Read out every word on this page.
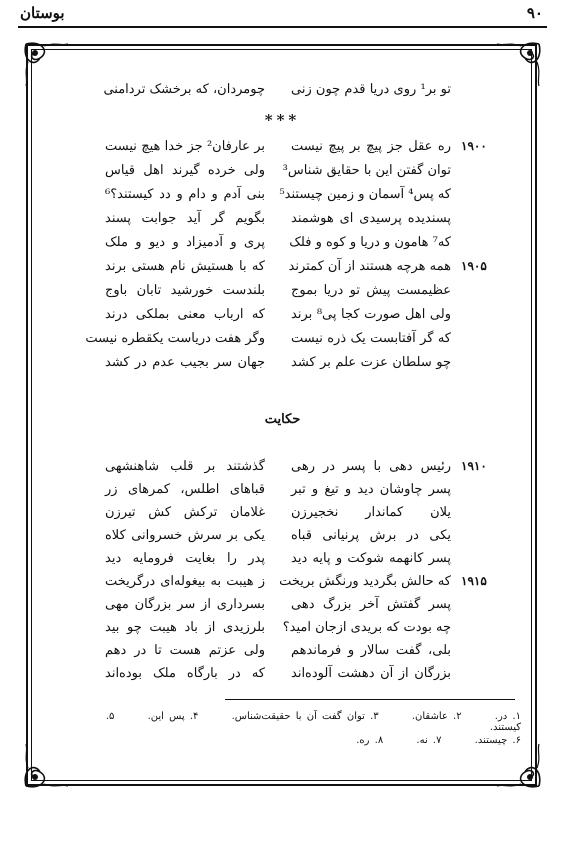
بوستان	۹۰
تو بر¹ روی دریا قدم چون زنی
چومردان، که برخشک تردامنی
***
۱۹۰۰
ره عقل جز پیچ بر پیچ نیست
بر عارفان² جز خدا هیچ نیست
توان گفتن این با حقایق شناس³
ولی خرده گیرند اهل قیاس
که پس⁴ آسمان و زمین چیستند⁵
بنی آدم و دام و دد کیستند؟⁶
پسندیده پرسیدی ای هوشمند
بگویم گر آید جوابت پسند
که⁷ هامون و دریا و کوه و فلک
پری و آدمیزاد و دیو و ملک
۱۹۰۵
همه هرچه هستند از آن کمترند
که با هستیش نام هستی برند
عظیمست پیش تو دریا بموج
بلندست خورشید تابان باوج
ولی اهل صورت کجا پی⁸ برند
که ارباب معنی بملکی درند
که گر آفتابست یک ذره نیست
وگر هفت دریاست یکقطره نیست
چو سلطان عزت علم بر کشد
جهان سر بجیب عدم در کشد
حکایت
۱۹۱۰
رئیس دهی با پسر در رهی
گذشتند بر قلب شاهنشهی
پسر چاوشان دید و تیغ و تبر
قباهای اطلس، کمرهای زر
یلان کماندار نخجیرزن
غلامان ترکش کش تیرزن
یکی در برش پرنیانی قباه
یکی بر سرش خسروانی کلاه
پسر کانهمه شوکت و پایه دید
پدر را بغایت فرومایه دید
۱۹۱۵
که حالش بگردید ورنگش بریخت
ز هیبت به بیغوله‌ای درگریخت
پسر گفتش آخر بزرگ دهی
بسرداری از سر بزرگان مهی
چه بودت که بریدی ازجان امید؟
بلرزیدی از باد هیبت چو بید
بلی، گفت سالار و فرماندهم
ولی عزتم هست تا در دهم
بزرگان از آن دهشت آلوده‌اند
که در بارگاه ملک بوده‌اند
۱. در. ۲. عاشقان. ۳. توان گفت آن با حقیقت‌شناس. ۴. پس این. ۵. کیستند.
۶. چیستند. ۷. نه. ۸. ره.
